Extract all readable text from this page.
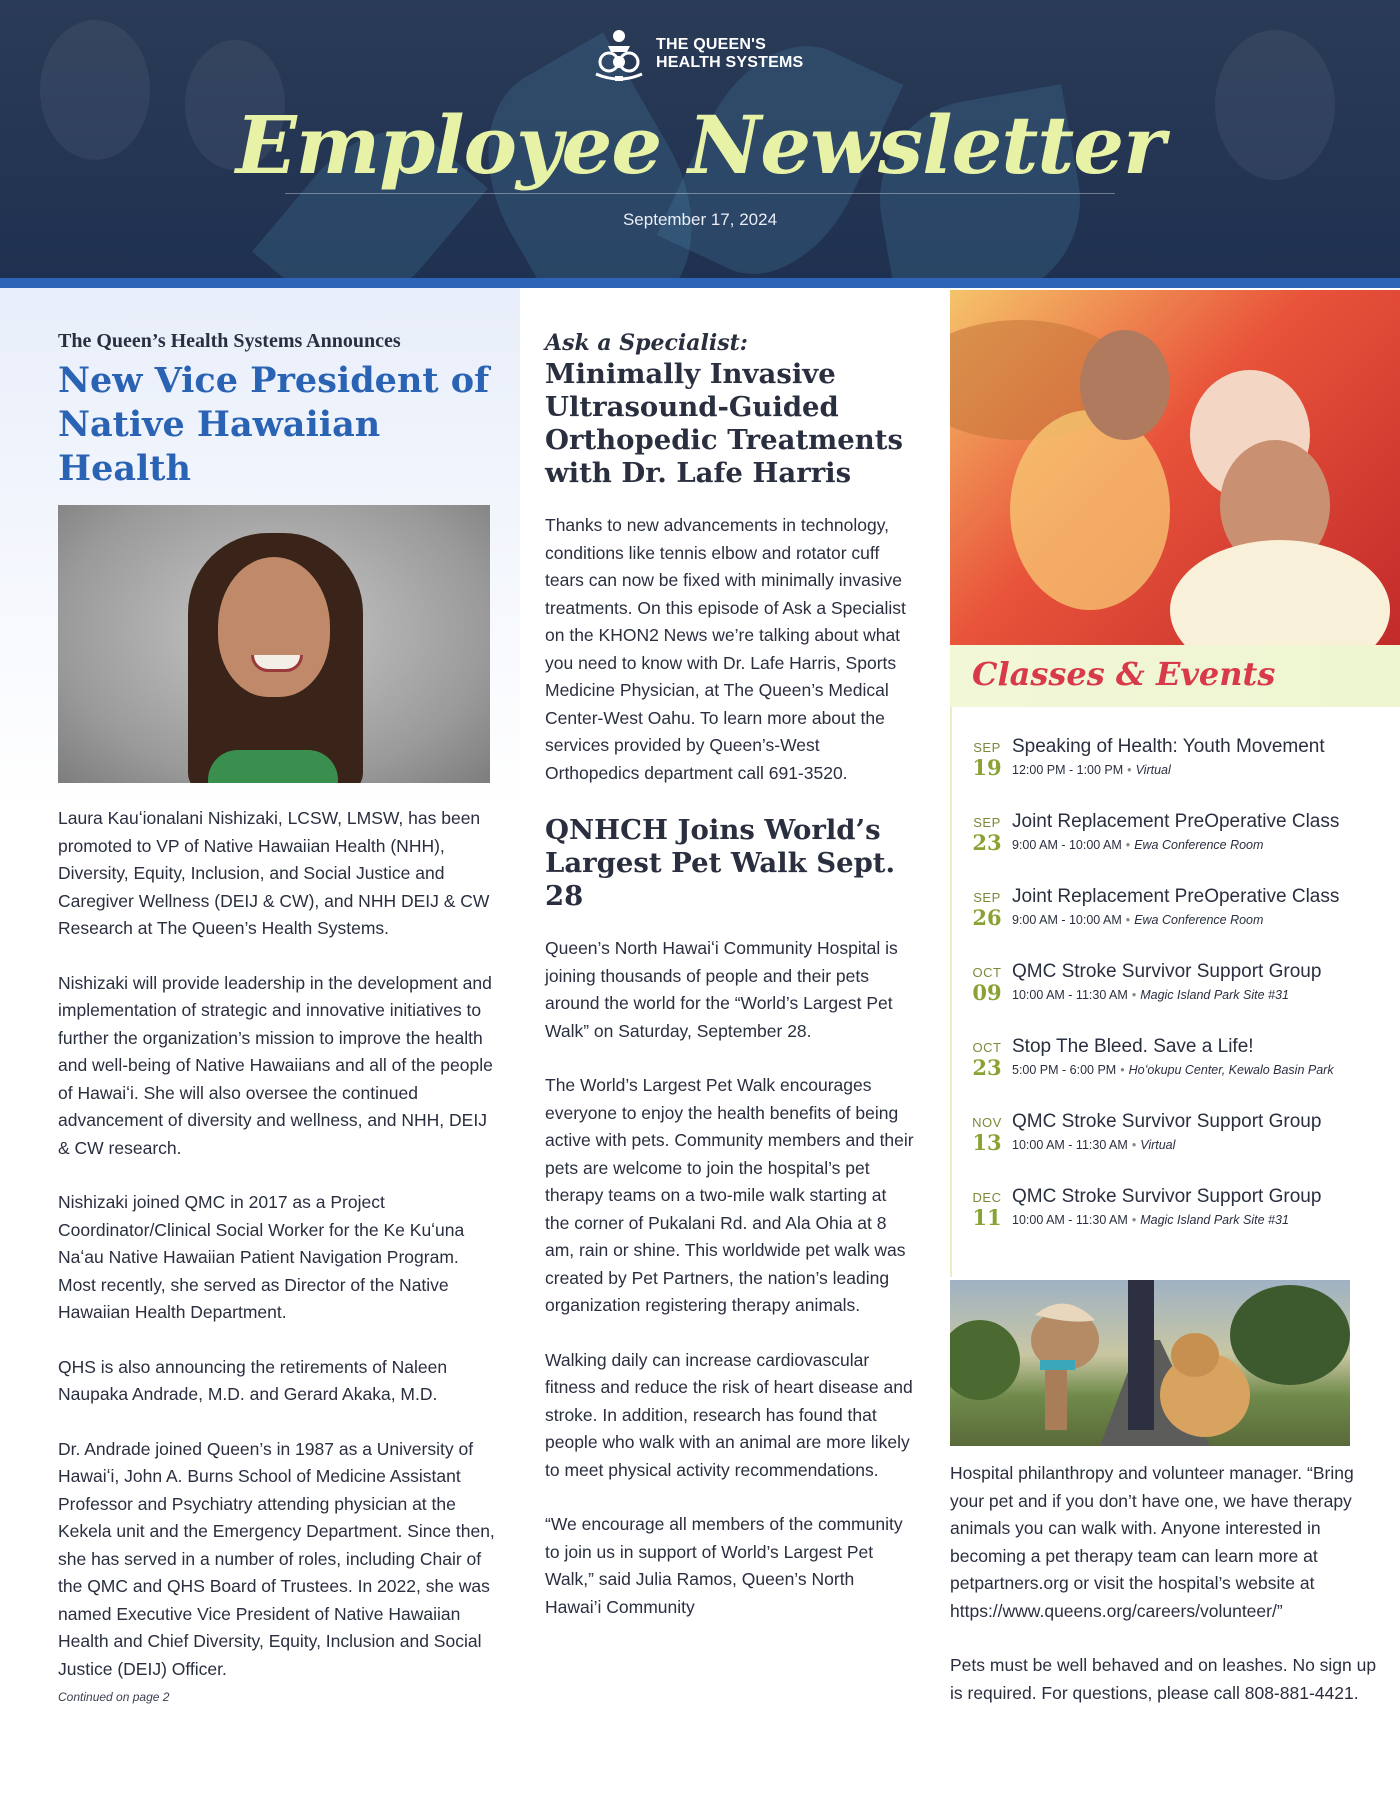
THE QUEEN'S
HEALTH SYSTEMS
Employee Newsletter
September 17, 2024

The Queen’s Health Systems Announces

New Vice President of Native Hawaiian Health

Laura Kauʻionalani Nishizaki, LCSW, LMSW, has been promoted to VP of Native Hawaiian Health (NHH), Diversity, Equity, Inclusion, and Social Justice and Caregiver Wellness (DEIJ & CW), and NHH DEIJ & CW Research at The Queen’s Health Systems.

Nishizaki will provide leadership in the development and implementation of strategic and innovative initiatives to further the organization’s mission to improve the health and well-being of Native Hawaiians and all of the people of Hawaiʻi. She will also oversee the continued advancement of diversity and wellness, and NHH, DEIJ & CW research.

Nishizaki joined QMC in 2017 as a Project Coordinator/Clinical Social Worker for the Ke Kuʻuna Naʻau Native Hawaiian Patient Navigation Program. Most recently, she served as Director of the Native Hawaiian Health Department.

QHS is also announcing the retirements of Naleen Naupaka Andrade, M.D. and Gerard Akaka, M.D.

Dr. Andrade joined Queen’s in 1987 as a University of Hawaiʻi, John A. Burns School of Medicine Assistant Professor and Psychiatry attending physician at the Kekela unit and the Emergency Department. Since then, she has served in a number of roles, including Chair of the QMC and QHS Board of Trustees. In 2022, she was named Executive Vice President of Native Hawaiian Health and Chief Diversity, Equity, Inclusion and Social Justice (DEIJ) Officer.

Continued on page 2

Ask a Specialist:

Minimally Invasive Ultrasound-Guided Orthopedic Treatments with Dr. Lafe Harris

Thanks to new advancements in technology, conditions like tennis elbow and rotator cuff tears can now be fixed with minimally invasive treatments. On this episode of Ask a Specialist on the KHON2 News we’re talking about what you need to know with Dr. Lafe Harris, Sports Medicine Physician, at The Queen’s Medical Center-West Oahu. To learn more about the services provided by Queen’s-West Orthopedics department call 691-3520.

QNHCH Joins World’s Largest Pet Walk Sept. 28

Queen’s North Hawaiʻi Community Hospital is joining thousands of people and their pets around the world for the “World’s Largest Pet Walk” on Saturday, September 28.

The World’s Largest Pet Walk encourages everyone to enjoy the health benefits of being active with pets. Community members and their pets are welcome to join the hospital’s pet therapy teams on a two-mile walk starting at the corner of Pukalani Rd. and Ala Ohia at 8 am, rain or shine. This worldwide pet walk was created by Pet Partners, the nation’s leading organization registering therapy animals.

Walking daily can increase cardiovascular fitness and reduce the risk of heart disease and stroke. In addition, research has found that people who walk with an animal are more likely to meet physical activity recommendations.

“We encourage all members of the community to join us in support of World’s Largest Pet Walk,” said Julia Ramos, Queen’s North Hawai’i Community

Classes & Events
SEP
19
Speaking of Health: Youth Movement
12:00 PM - 1:00 PM • Virtual
SEP
23
Joint Replacement PreOperative Class
9:00 AM - 10:00 AM • Ewa Conference Room
SEP
26
Joint Replacement PreOperative Class
9:00 AM - 10:00 AM • Ewa Conference Room
OCT
09
QMC Stroke Survivor Support Group
10:00 AM - 11:30 AM • Magic Island Park Site #31
OCT
23
Stop The Bleed. Save a Life!
5:00 PM - 6:00 PM • Hoʻokupu Center, Kewalo Basin Park
NOV
13
QMC Stroke Survivor Support Group
10:00 AM - 11:30 AM • Virtual
DEC
11
QMC Stroke Survivor Support Group
10:00 AM - 11:30 AM • Magic Island Park Site #31

Hospital philanthropy and volunteer manager. “Bring your pet and if you don’t have one, we have therapy animals you can walk with. Anyone interested in becoming a pet therapy team can learn more at petpartners.org or visit the hospital’s website at https://www.queens.org/careers/volunteer/”

Pets must be well behaved and on leashes. No sign up is required. For questions, please call 808-881-4421.
